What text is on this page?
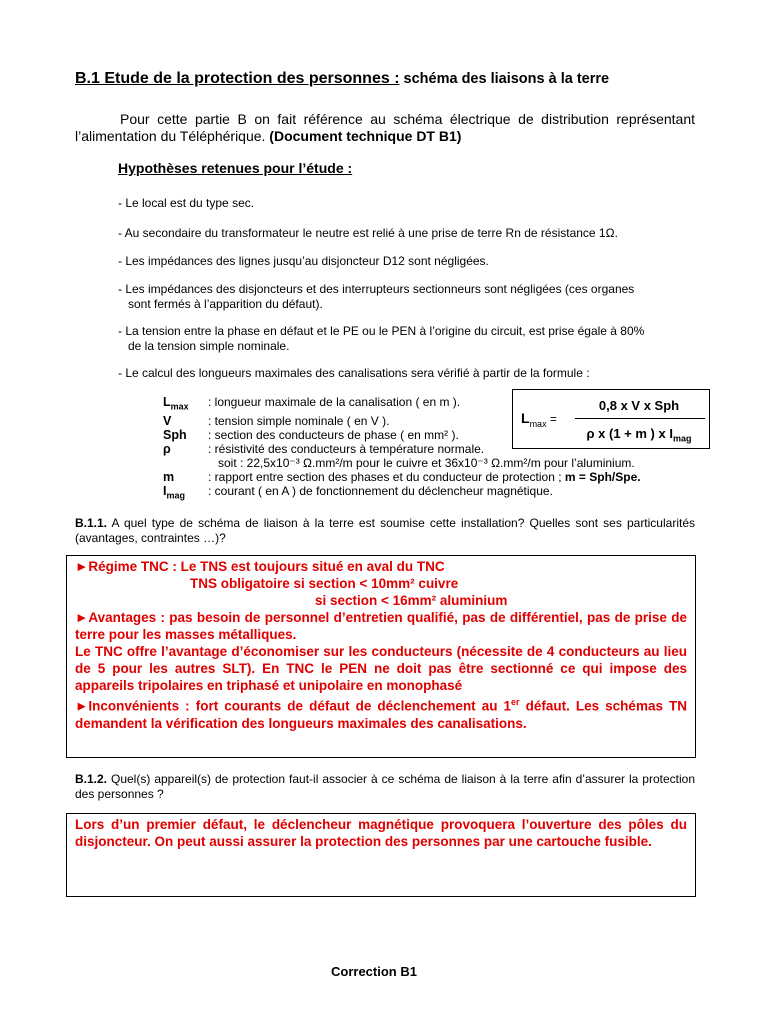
B.1 Etude de la protection des personnes : schéma des liaisons à la terre
Pour cette partie B on fait référence au schéma électrique de distribution représentant l’alimentation du Téléphérique. (Document technique DT B1)
Hypothèses retenues pour l’étude :
- Le local est du type sec.
- Au secondaire du transformateur le neutre est relié à une prise de terre Rn de résistance 1Ω.
- Les impédances des lignes jusqu’au disjoncteur D12 sont négligées.
- Les impédances des disjoncteurs et des interrupteurs sectionneurs sont négligées (ces organes
sont fermés à l’apparition du défaut).
- La tension entre la phase en défaut et le PE ou le PEN à l’origine du circuit, est prise égale à 80%
de la tension simple nominale.
- Le calcul des longueurs maximales des canalisations sera vérifié à partir de la formule :
$L_{max}$	: longueur maximale de la canalisation ( en m ).
V	: tension simple nominale ( en V ).
Sph	: section des conducteurs de phase ( en mm² ).
ρ	: résistivité des conducteurs à température normale.
soit : 22,5x10⁻³ Ω.mm²/m pour le cuivre et 36x10⁻³ Ω.mm²/m pour l’aluminium.
m	: rapport entre section des phases et du conducteur de protection ; m = Sph/Spe.
$I_{mag}$	: courant ( en A ) de fonctionnement du déclencheur magnétique.
$L_{max}$ =
0,8 x V x Sph
ρ x (1 + m ) x $I_{mag}$
B.1.1. A quel type de schéma de liaison à la terre est soumise cette installation? Quelles sont ses particularités (avantages, contraintes …)?
►Régime TNC : Le TNS est toujours situé en aval du TNC
TNS obligatoire si section < 10mm² cuivre
si section < 16mm² aluminium
►Avantages : pas besoin de personnel d’entretien qualifié, pas de différentiel, pas de prise de terre pour les masses métalliques.
Le TNC offre l’avantage d’économiser sur les conducteurs (nécessite de 4 conducteurs au lieu de 5 pour les autres SLT). En TNC le PEN ne doit pas être sectionné ce qui impose des appareils tripolaires en triphasé et unipolaire en monophasé
►Inconvénients : fort courants de défaut de déclenchement au 1er défaut. Les schémas TN demandent la vérification des longueurs maximales des canalisations.
B.1.2. Quel(s) appareil(s) de protection faut-il associer à ce schéma de liaison à la terre afin d’assurer la protection des personnes ?
Lors d’un premier défaut, le déclencheur magnétique provoquera l’ouverture des pôles du disjoncteur. On peut aussi assurer la protection des personnes par une cartouche fusible.
Correction B1
